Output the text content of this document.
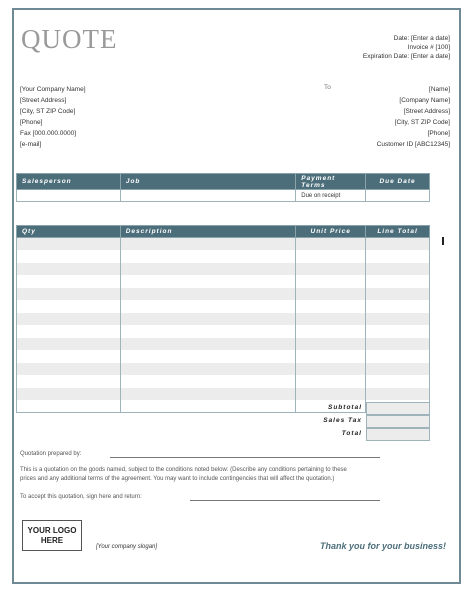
QUOTE	Date: [Enter a date]
Invoice # [100]
Expiration Date: [Enter a date]
[Your Company Name]
[Street Address]
[City, ST ZIP Code]
[Phone]
Fax [000.000.0000]
[e-mail]
To	[Name]
[Company Name]
[Street Address]
[City, ST ZIP Code]
[Phone]
Customer ID [ABC12345]
Salesperson	Job	Payment Terms	Due Date
		Due on receipt	
Qty	Description	Unit Price	Line Total

Subtotal
Sales Tax
Total
Quotation prepared by:
This is a quotation on the goods named, subject to the conditions noted below: (Describe any conditions pertaining to these prices and any additional terms of the agreement. You may want to include contingencies that will affect the quotation.)
To accept this quotation, sign here and return:
YOUR LOGO
HERE
[Your company slogan]	Thank you for your business!
